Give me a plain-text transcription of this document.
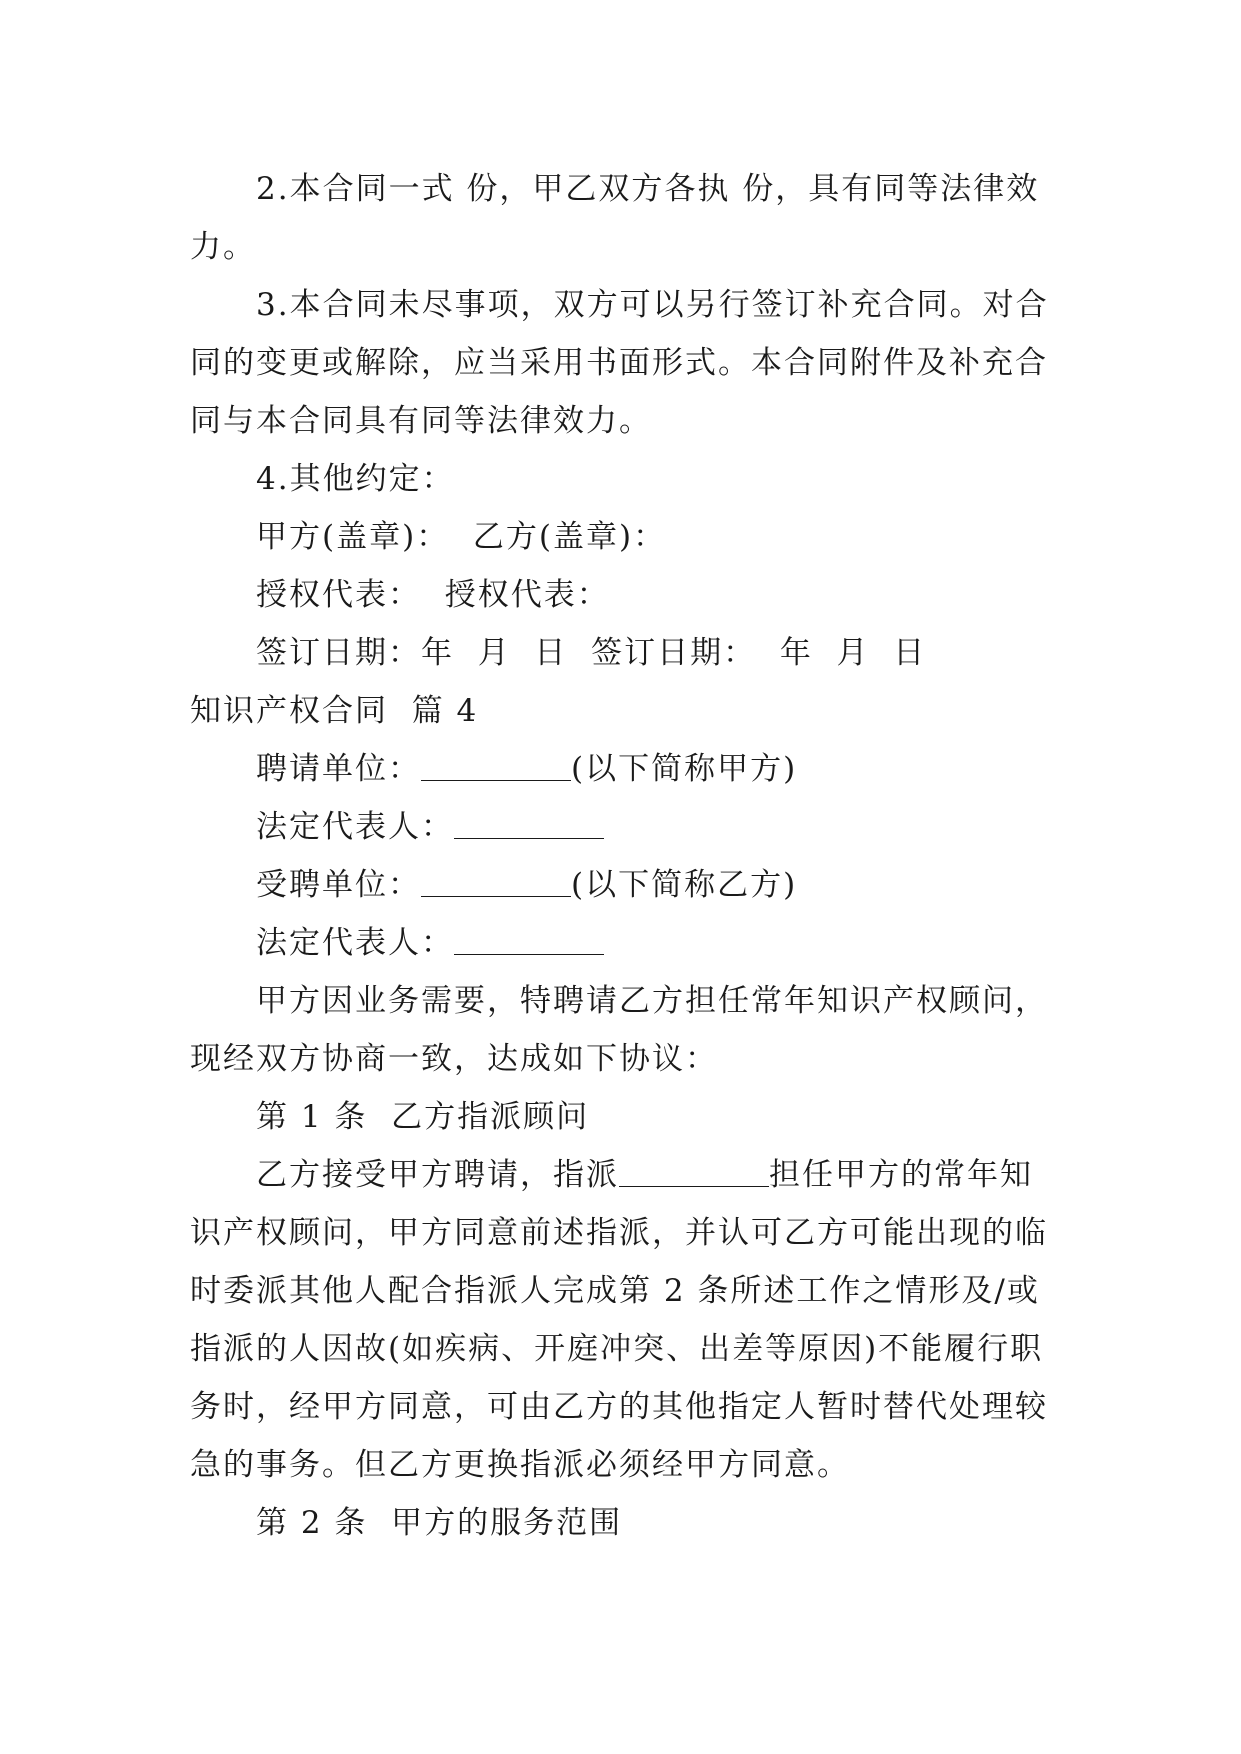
2.本合同一式 份，甲乙双方各执 份，具有同等法律效
力。
3.本合同未尽事项，双方可以另行签订补充合同。对合
同的变更或解除，应当采用书面形式。本合同附件及补充合
同与本合同具有同等法律效力。
4.其他约定：
甲方(盖章)：  乙方(盖章)：
授权代表：  授权代表：
签订日期：年  月  日  签订日期：  年  月  日
知识产权合同  篇 4
聘请单位：	(以下简称甲方)
法定代表人：
受聘单位：	(以下简称乙方)
法定代表人：
甲方因业务需要，特聘请乙方担任常年知识产权顾问，
现经双方协商一致，达成如下协议：
第 1 条  乙方指派顾问
乙方接受甲方聘请，指派	担任甲方的常年知
识产权顾问，甲方同意前述指派，并认可乙方可能出现的临
时委派其他人配合指派人完成第 2 条所述工作之情形及/或
指派的人因故(如疾病、开庭冲突、出差等原因)不能履行职
务时，经甲方同意，可由乙方的其他指定人暂时替代处理较
急的事务。但乙方更换指派必须经甲方同意。
第 2 条  甲方的服务范围
